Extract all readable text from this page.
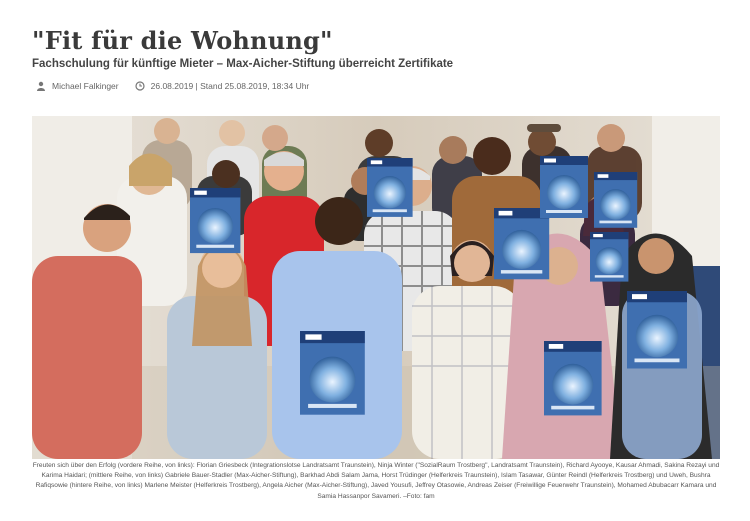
"Fit für die Wohnung"
Fachschulung für künftige Mieter – Max-Aicher-Stiftung überreicht Zertifikate
Michael Falkinger	26.08.2019 | Stand 25.08.2019, 18:34 Uhr

Freuten sich über den Erfolg (vordere Reihe, von links): Florian Griesbeck (Integrationslotse Landratsamt Traunstein), Ninja Winter ("SozialRaum Trostberg", Landratsamt Traunstein), Richard Ayooye, Kausar Ahmadi, Sakina Rezayi und Karima Haidari; (mittlere Reihe, von links) Gabriele Bauer-Stadler (Max-Aicher-Stiftung), Barkhad Abdi Salam Jama, Horst Trüdinger (Helferkreis Traunstein), Islam Tasawar, Günter Reindl (Helferkreis Trostberg) und Uweh, Bushra Rafiqsowie (hintere Reihe, von links) Marlene Meister (Helferkreis Trostberg), Angela Aicher (Max-Aicher-Stiftung), Javed Yousufi, Jeffrey Otasowie, Andreas Zeiser (Freiwillige Feuerwehr Traunstein), Mohamed Abubacarr Kamara und Samia Hassanpor Savameri. –Foto: fam
